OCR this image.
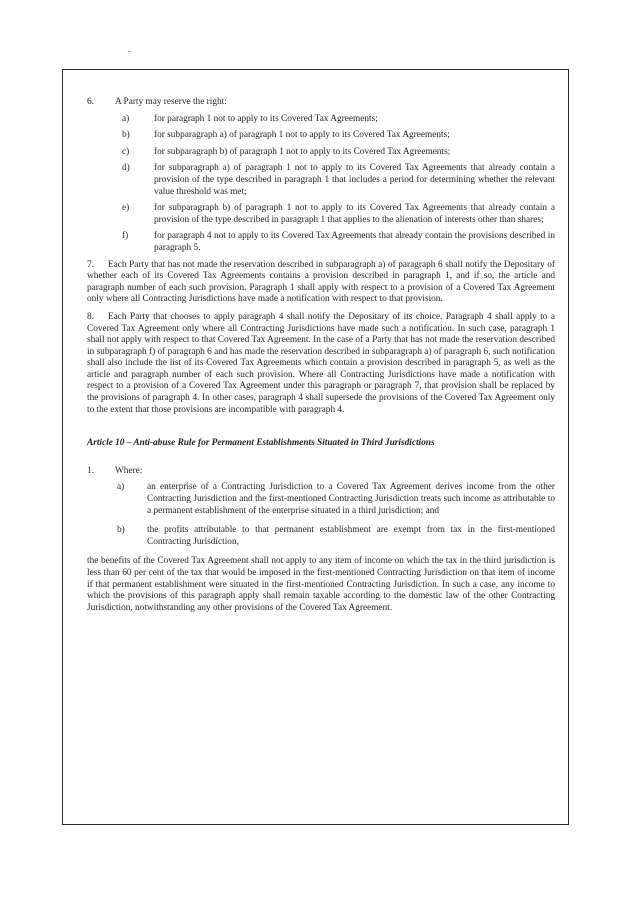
6.	A Party may reserve the right:
a)	for paragraph 1 not to apply to its Covered Tax Agreements;
b)	for subparagraph a) of paragraph 1 not to apply to its Covered Tax Agreements;
c)	for subparagraph b) of paragraph 1 not to apply to its Covered Tax Agreements;
d)	for subparagraph a) of paragraph 1 not to apply to its Covered Tax Agreements that already contain a provision of the type described in paragraph 1 that includes a period for determining whether the relevant value threshold was met;
e)	for subparagraph b) of paragraph 1 not to apply to its Covered Tax Agreements that already contain a provision of the type described in paragraph 1 that applies to the alienation of interests other than shares;
f)	for paragraph 4 not to apply to its Covered Tax Agreements that already contain the provisions described in paragraph 5.

7. Each Party that has not made the reservation described in subparagraph a) of paragraph 6 shall notify the Depositary of whether each of its Covered Tax Agreements contains a provision described in paragraph 1, and if so, the article and paragraph number of each such provision. Paragraph 1 shall apply with respect to a provision of a Covered Tax Agreement only where all Contracting Jurisdictions have made a notification with respect to that provision.

8. Each Party that chooses to apply paragraph 4 shall notify the Depositary of its choice. Paragraph 4 shall apply to a Covered Tax Agreement only where all Contracting Jurisdictions have made such a notification. In such case, paragraph 1 shall not apply with respect to that Covered Tax Agreement. In the case of a Party that has not made the reservation described in subparagraph f) of paragraph 6 and has made the reservation described in subparagraph a) of paragraph 6, such notification shall also include the list of its Covered Tax Agreements which contain a provision described in paragraph 5, as well as the article and paragraph number of each such provision. Where all Contracting Jurisdictions have made a notification with respect to a provision of a Covered Tax Agreement under this paragraph or paragraph 7, that provision shall be replaced by the provisions of paragraph 4. In other cases, paragraph 4 shall supersede the provisions of the Covered Tax Agreement only to the extent that those provisions are incompatible with paragraph 4.

Article 10 – Anti-abuse Rule for Permanent Establishments Situated in Third Jurisdictions
1.	Where:
a)	an enterprise of a Contracting Jurisdiction to a Covered Tax Agreement derives income from the other Contracting Jurisdiction and the first-mentioned Contracting Jurisdiction treats such income as attributable to a permanent establishment of the enterprise situated in a third jurisdiction; and
b)	the profits attributable to that permanent establishment are exempt from tax in the first-mentioned Contracting Jurisdiction,

the benefits of the Covered Tax Agreement shall not apply to any item of income on which the tax in the third jurisdiction is less than 60 per cent of the tax that would be imposed in the first-mentioned Contracting Jurisdiction on that item of income if that permanent establishment were situated in the first-mentioned Contracting Jurisdiction. In such a case, any income to which the provisions of this paragraph apply shall remain taxable according to the domestic law of the other Contracting Jurisdiction, notwithstanding any other provisions of the Covered Tax Agreement.
